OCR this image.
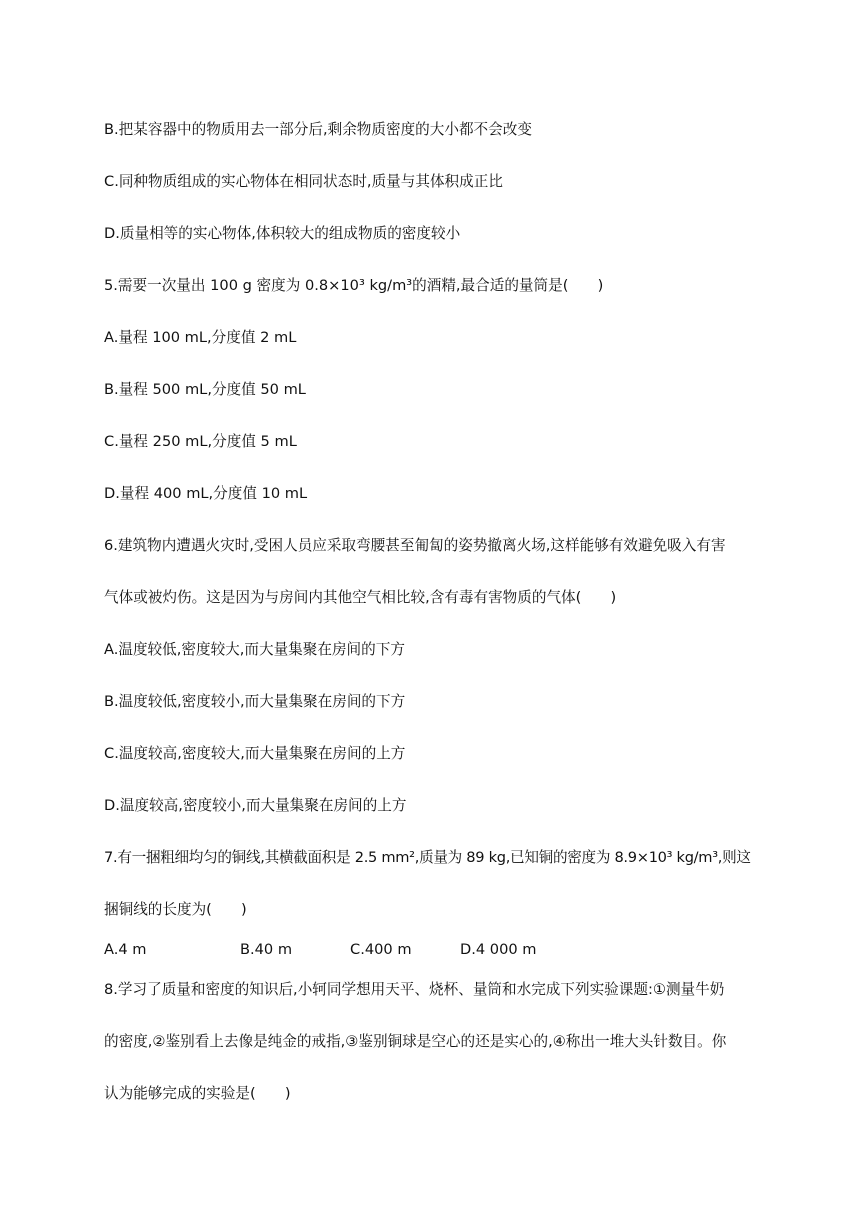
B.把某容器中的物质用去一部分后,剩余物质密度的大小都不会改变
C.同种物质组成的实心物体在相同状态时,质量与其体积成正比
D.质量相等的实心物体,体积较大的组成物质的密度较小
5.需要一次量出 100 g 密度为 0.8×10³ kg/m³的酒精,最合适的量筒是(　　)
A.量程 100 mL,分度值 2 mL
B.量程 500 mL,分度值 50 mL
C.量程 250 mL,分度值 5 mL
D.量程 400 mL,分度值 10 mL
6.建筑物内遭遇火灾时,受困人员应采取弯腰甚至匍匐的姿势撤离火场,这样能够有效避免吸入有害
气体或被灼伤。这是因为与房间内其他空气相比较,含有毒有害物质的气体(　　)
A.温度较低,密度较大,而大量集聚在房间的下方
B.温度较低,密度较小,而大量集聚在房间的下方
C.温度较高,密度较大,而大量集聚在房间的上方
D.温度较高,密度较小,而大量集聚在房间的上方
7.有一捆粗细均匀的铜线,其横截面积是 2.5 mm²,质量为 89 kg,已知铜的密度为 8.9×10³ kg/m³,则这
捆铜线的长度为(　　)
A.4 m	B.40 m	C.400 m	D.4 000 m
8.学习了质量和密度的知识后,小轲同学想用天平、烧杯、量筒和水完成下列实验课题:①测量牛奶
的密度,②鉴别看上去像是纯金的戒指,③鉴别铜球是空心的还是实心的,④称出一堆大头针数目。你
认为能够完成的实验是(　　)
